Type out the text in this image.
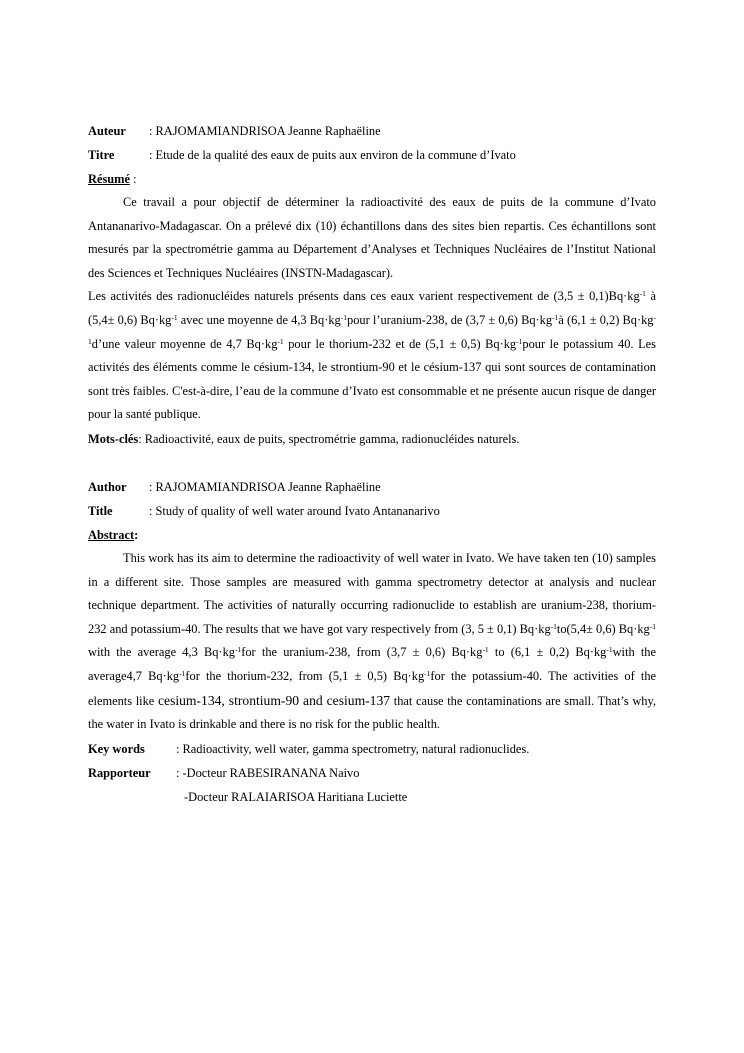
Auteur : RAJOMAMIANDRISOA Jeanne Raphaëline
Titre	: Etude de la qualité des eaux de puits aux environ de la commune d’Ivato
Résumé :

Ce travail a pour objectif de déterminer la radioactivité des eaux de puits de la commune d’Ivato Antananarivo-Madagascar. On a prélevé dix (10) échantillons dans des sites bien repartis. Ces échantillons sont mesurés par la spectrométrie gamma au Département d’Analyses et Techniques Nucléaires de l’Institut National des Sciences et Techniques Nucléaires (INSTN-Madagascar).

Les activités des radionucléides naturels présents dans ces eaux varient respectivement de $(3,5 \pm 0,1)Bq\cdot kg^{-1}$ à (5,4± 0,6) $Bq\cdot kg^{-1}$ avec une moyenne de 4,3 $Bq\cdot kg^{-1}pour$ l’uranium-238, de (3,7 ± 0,6) $Bq\cdot kg^{-1}à$ (6,1 ± 0,2) $Bq\cdot kg^{-1}d’une$ valeur moyenne de 4,7 $Bq\cdot kg^{-1}$ pour le thorium-232 et de (5,1 ± 0,5) $Bq\cdot kg^{-1}pour$ le potassium 40. Les activités des éléments comme le césium-134, le strontium-90 et le césium-137 qui sont sources de contamination sont très faibles. C'est-à-dire, l’eau de la commune d’Ivato est consommable et ne présente aucun risque de danger pour la santé publique.

Mots-clés: Radioactivité, eaux de puits, spectrométrie gamma, radionucléides naturels.
Author : RAJOMAMIANDRISOA Jeanne Raphaëline
Title	: Study of quality of well water around Ivato Antananarivo
Abstract:

This work has its aim to determine the radioactivity of well water in Ivato. We have taken ten (10) samples in a different site. Those samples are measured with gamma spectrometry detector at analysis and nuclear technique department. The activities of naturally occurring radionuclide to establish are uranium-238, thorium-232 and potassium-40. The results that we have got vary respectively from (3, 5 ± 0,1) $Bq\cdot kg^{-1}to(5,4\pm 0,6)$ $Bq\cdot kg^{-1}$ with the average 4,3 $Bq\cdot kg^{-1}for$ the uranium-238, from (3,7 ± 0,6) $Bq\cdot kg^{-1}$ to (6,1 ± 0,2) $Bq\cdot kg^{-1}with$ the average4,7 $Bq\cdot kg^{-1}for$ the thorium-232, from (5,1 ± 0,5) $Bq\cdot kg^{-1}for$ the potassium-40. The activities of the elements like cesium-134, strontium-90 and cesium-137 that cause the contaminations are small. That’s why, the water in Ivato is drinkable and there is no risk for the public health.

Key words	: Radioactivity, well water, gamma spectrometry, natural radionuclides.
Rapporteur : -Docteur RABESIRANANA Naivo
-Docteur RALAIARISOA Haritiana Luciette
